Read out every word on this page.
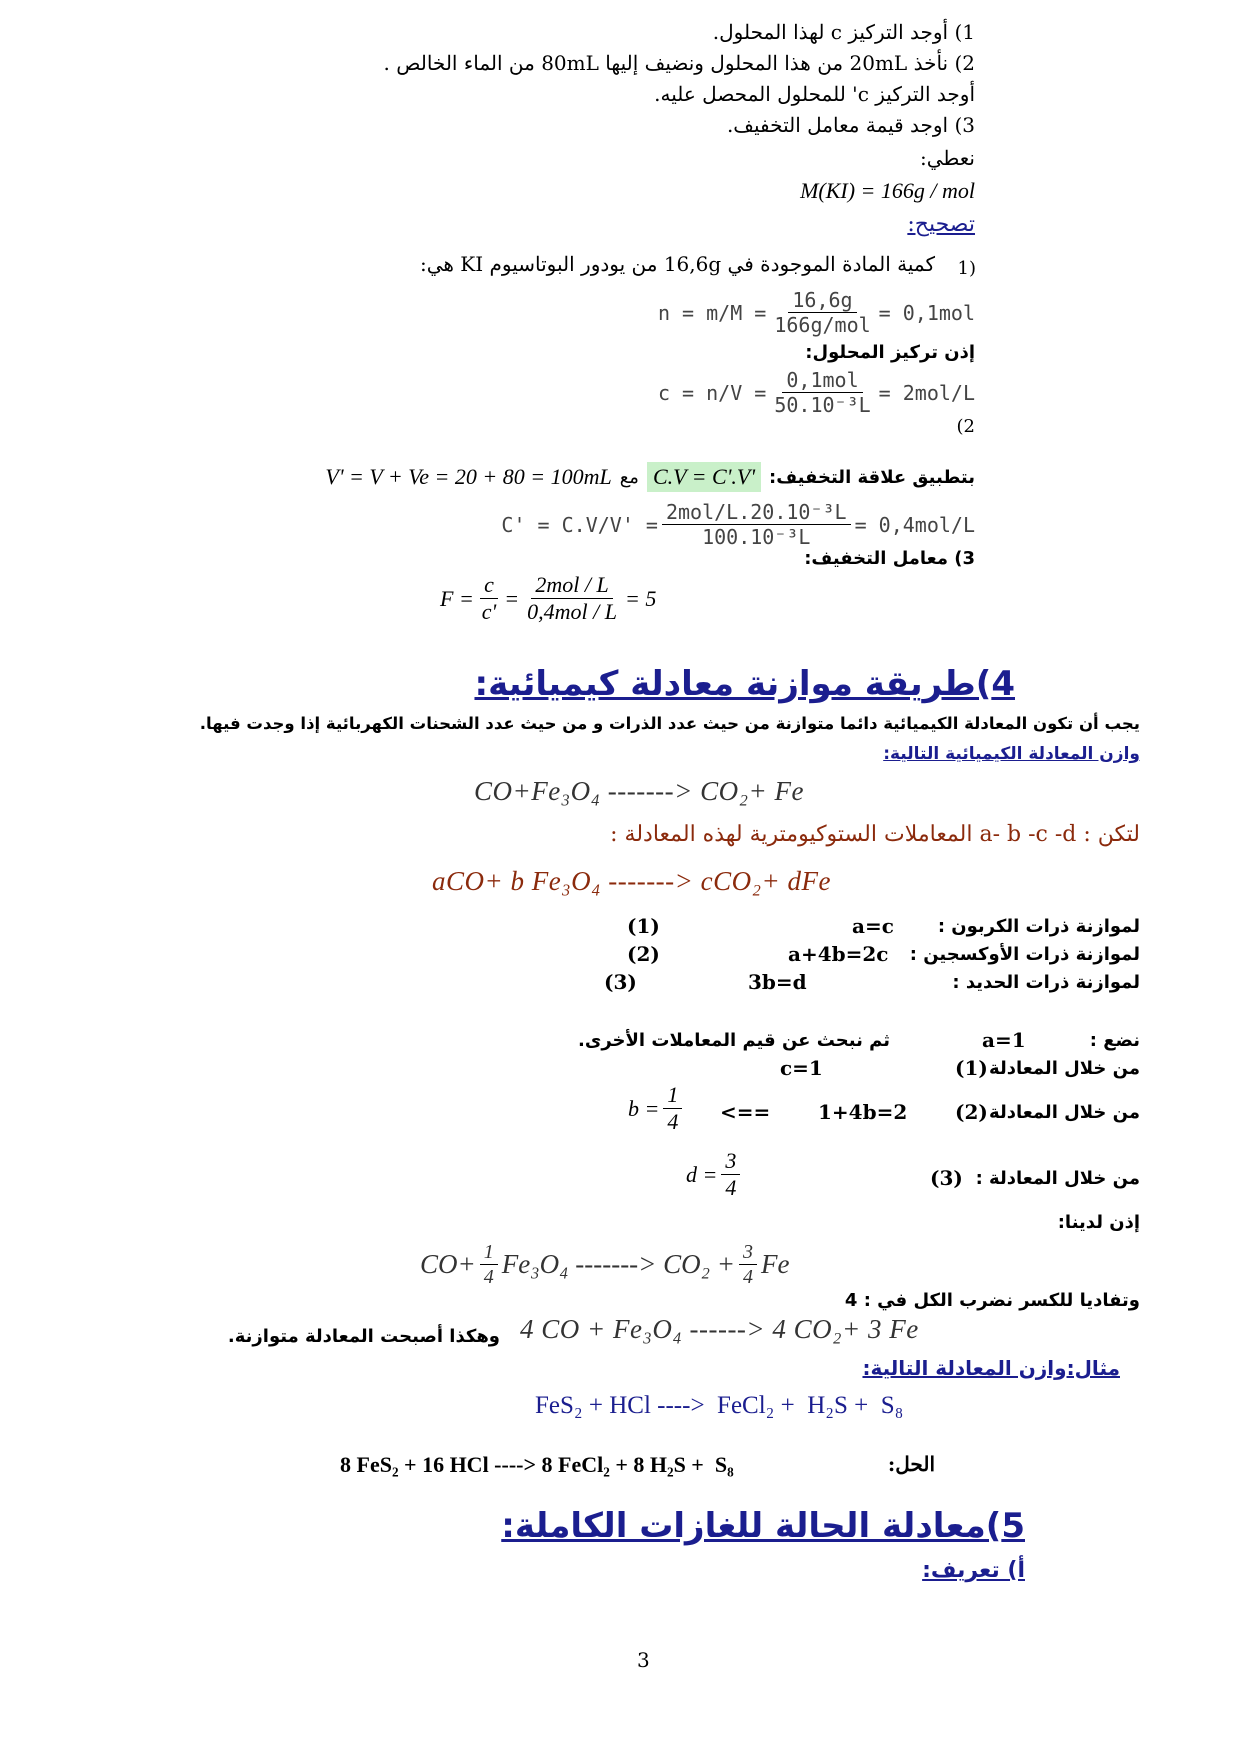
1) أوجد التركيز c لهذا المحلول.
2) نأخذ 20mL من هذا المحلول ونضيف إليها 80mL من الماء الخالص .
أوجد التركيز c' للمحلول المحصل عليه.
3) اوجد قيمة معامل التخفيف.
نعطي:
M(KI) = 166g / mol
تصحيح:
1)
كمية المادة الموجودة في 16,6g من يودور البوتاسيوم KI هي:
$n = m/M = \frac{16,6g}{\text{166g/mol}} = 0,1mol$
إذن تركيز المحلول:
$c = n/V = \frac{\text{0,1mol}}{\text{50.10⁻³L}} = 2mol/L$
(2
بتطبيق علاقة التخفيف:
C.V = C'.V'
مع
V' = V + Ve = 20 + 80 = 100mL
$C' = C.V/V' = \frac{\text{2mol/L.20.10⁻³L}}{\text{100.10⁻³L}} = 0,4mol/L$
3) معامل التخفيف:
$F = \frac{c}{c'} = \frac{\text{2mol / L}}{\text{0,4mol / L}} = 5$
4)طريقة موازنة معادلة كيميائية:
يجب أن تكون المعادلة الكيميائية دائما متوازنة من حيث عدد الذرات و من حيث عدد الشحنات الكهربائية إذا وجدت فيها.
وازن المعادلة الكيميائية التالية:
CO+Fe₃O₄ -------> CO₂+ Fe
لتكن : a- b -c -d المعاملات الستوكيومترية لهذه المعادلة :
aCO+ b Fe₃O₄ -------> cCO₂+ dFe
لموازنة ذرات الكربون :
a=c
(1)
لموازنة ذرات الأوكسجين :
a+4b=2c
(2)
لموازنة ذرات الحديد :
3b=d
(3)
نضع :
a=1
ثم نبحث عن قيم المعاملات الأخرى.
من خلال المعادلة
(1)
c=1
من خلال المعادلة
(2)
1+4b=2
<==
$b = \frac{1}{4}$
من خلال المعادلة :
(3)
$d = \frac{3}{4}$
إذن لدينا:
$CO+ \frac{1}{4} Fe_3O_4$ -------> $CO_2 + \frac{3}{4}$ Fe
وتفاديا للكسر نضرب الكل في : 4
4 CO + Fe₃O₄ ------> 4 CO₂+ 3 Fe
وهكذا أصبحت المعادلة متوازنة.
مثال:وازن المعادلة التالية:
FeS₂ + HCl ---->  FeCl₂ +  H₂S +  S₈
الحل:
8 FeS₂ + 16 HCl ----> 8 FeCl₂ + 8 H₂S +  S₈
5)معادلة الحالة للغازات الكاملة:
أ) تعريف:
3
